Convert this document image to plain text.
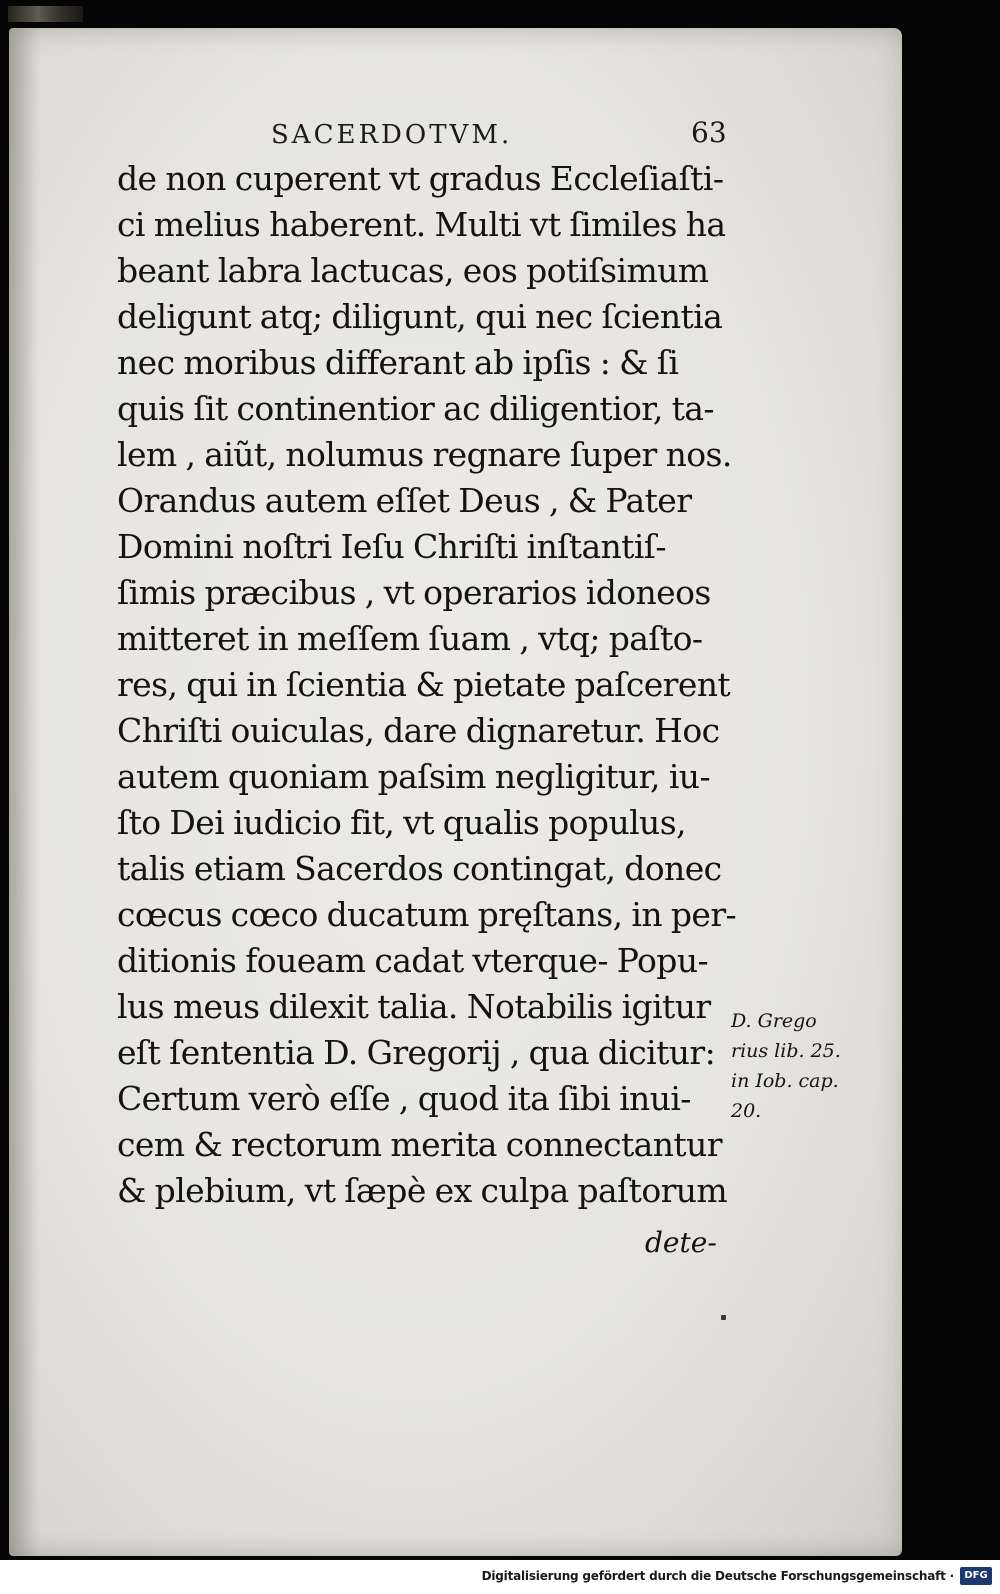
SACERDOTVM.	63
de non cuperent vt gradus Eccleſiaſti-
ci melius haberent. Multi vt ſimiles ha
beant labra lactucas, eos potiſsimum
deligunt atq; diligunt, qui nec ſcientia
nec moribus differant ab ipſis : & ſi
quis ſit continentior ac diligentior, ta-
lem , aiũt, nolumus regnare ſuper nos.
Orandus autem eſſet Deus , & Pater
Domini noſtri Ieſu Chriſti inſtantiſ-
ſimis præcibus , vt operarios idoneos
mitteret in meſſem ſuam , vtq; paſto-
res, qui in ſcientia & pietate paſcerent
Chriſti ouiculas, dare dignaretur. Hoc
autem quoniam paſsim negligitur, iu-
ſto Dei iudicio fit, vt qualis populus,
talis etiam Sacerdos contingat, donec
cœcus cœco ducatum pręſtans, in per-
ditionis foueam cadat vterque- Popu-
lus meus dilexit talia. Notabilis igitur
eſt ſententia D. Gregorij , qua dicitur:
Certum verò eſſe , quod ita ſibi inui-
cem & rectorum merita connectantur
& plebium, vt ſæpè ex culpa paſtorum
dete-
D. Grego
rius lib. 25.
in Iob. cap.
20.
Digitalisierung gefördert durch die Deutsche Forschungsgemeinschaft ·	DFG
